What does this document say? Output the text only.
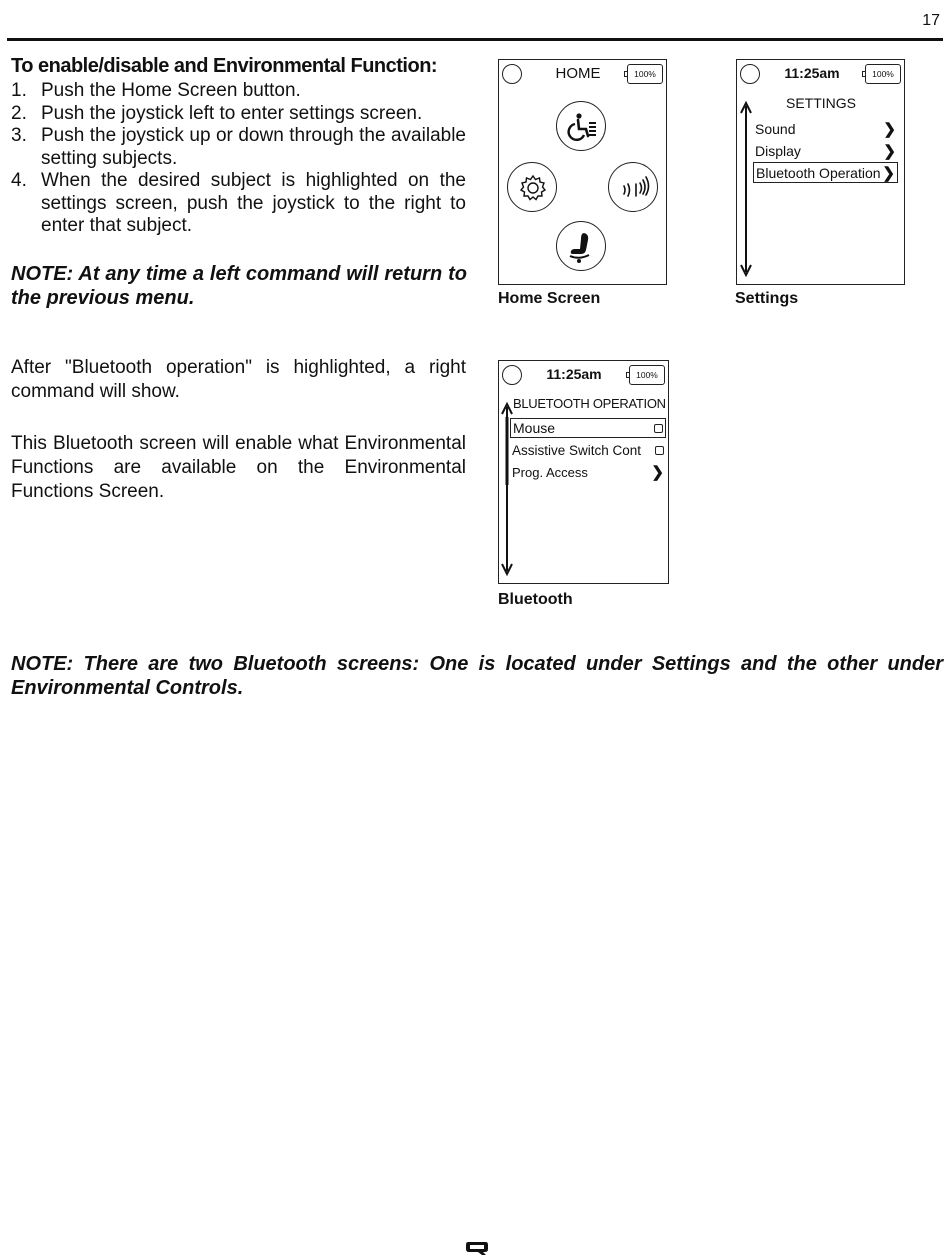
17
To enable/disable and Environmental Function:
1. Push the Home Screen button.
2. Push the joystick left to enter settings screen.
3. Push the joystick up or down through the available setting subjects.
4. When the desired subject is highlighted on the settings screen, push the joystick to the right to enter that subject.
NOTE: At any time a left command will return to the previous menu.
After "Bluetooth operation" is highlighted, a right command will show.
This Bluetooth screen will enable what Environmental Functions are available on the Environmental Functions Screen.
HOME	100%
Home Screen
11:25am	100%
SETTINGS
Sound	❯
Display	❯
Bluetooth Operation ❯
Settings
11:25am	100%
BLUETOOTH OPERATION
Mouse
Assistive Switch Cont
Prog. Access	❯
Bluetooth
NOTE: There are two Bluetooth screens: One is located under Settings and the other under Environmental Controls.
